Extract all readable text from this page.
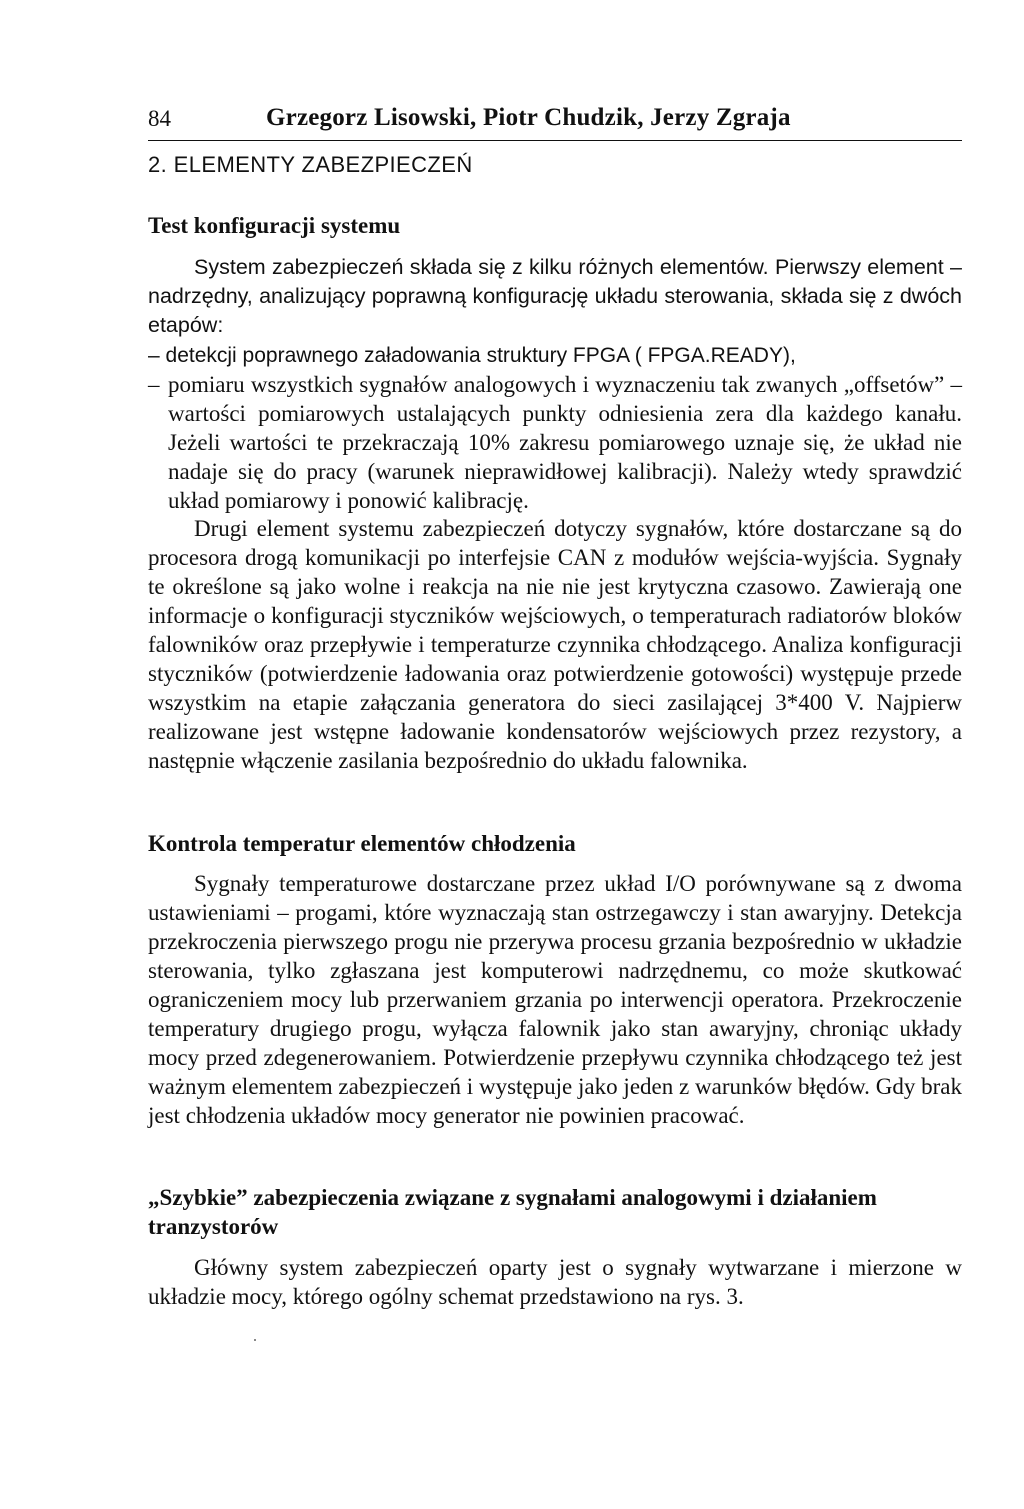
84	Grzegorz Lisowski, Piotr Chudzik, Jerzy Zgraja
2. ELEMENTY ZABEZPIECZEŃ
Test konfiguracji systemu

System zabezpieczeń składa się z kilku różnych elementów. Pierwszy element – nadrzędny, analizujący poprawną konfigurację układu sterowania, składa się z dwóch etapów:

– detekcji poprawnego załadowania struktury FPGA ( FPGA.READY),
– pomiaru wszystkich sygnałów analogowych i wyznaczeniu tak zwanych „offsetów” – wartości pomiarowych ustalających punkty odniesienia zera dla każdego kanału. Jeżeli wartości te przekraczają 10% zakresu pomiarowego uznaje się, że układ nie nadaje się do pracy (warunek nieprawidłowej kalibracji). Należy wtedy sprawdzić układ pomiarowy i ponowić kalibrację.

Drugi element systemu zabezpieczeń dotyczy sygnałów, które dostarczane są do procesora drogą komunikacji po interfejsie CAN z modułów wejścia-wyjścia. Sygnały te określone są jako wolne i reakcja na nie nie jest krytyczna czasowo. Zawierają one informacje o konfiguracji styczników wejściowych, o temperaturach radiatorów bloków falowników oraz przepływie i temperaturze czynnika chłodzącego. Analiza konfiguracji styczników (potwierdzenie ładowania oraz potwierdzenie gotowości) występuje przede wszystkim na etapie załączania generatora do sieci zasilającej 3*400 V. Najpierw realizowane jest wstępne ładowanie kondensatorów wejściowych przez rezystory, a następnie włączenie zasilania bezpośrednio do układu falownika.

Kontrola temperatur elementów chłodzenia

Sygnały temperaturowe dostarczane przez układ I/O porównywane są z dwoma ustawieniami – progami, które wyznaczają stan ostrzegawczy i stan awaryjny. Detekcja przekroczenia pierwszego progu nie przerywa procesu grzania bezpośrednio w układzie sterowania, tylko zgłaszana jest komputerowi nadrzędnemu, co może skutkować ograniczeniem mocy lub przerwaniem grzania po interwencji operatora. Przekroczenie temperatury drugiego progu, wyłącza falownik jako stan awaryjny, chroniąc układy mocy przed zdegenerowaniem. Potwierdzenie przepływu czynnika chłodzącego też jest ważnym elementem zabezpieczeń i występuje jako jeden z warunków błędów. Gdy brak jest chłodzenia układów mocy generator nie powinien pracować.

„Szybkie” zabezpieczenia związane z sygnałami analogowymi i działaniem tranzystorów

Główny system zabezpieczeń oparty jest o sygnały wytwarzane i mierzone w układzie mocy, którego ogólny schemat przedstawiono na rys. 3.
